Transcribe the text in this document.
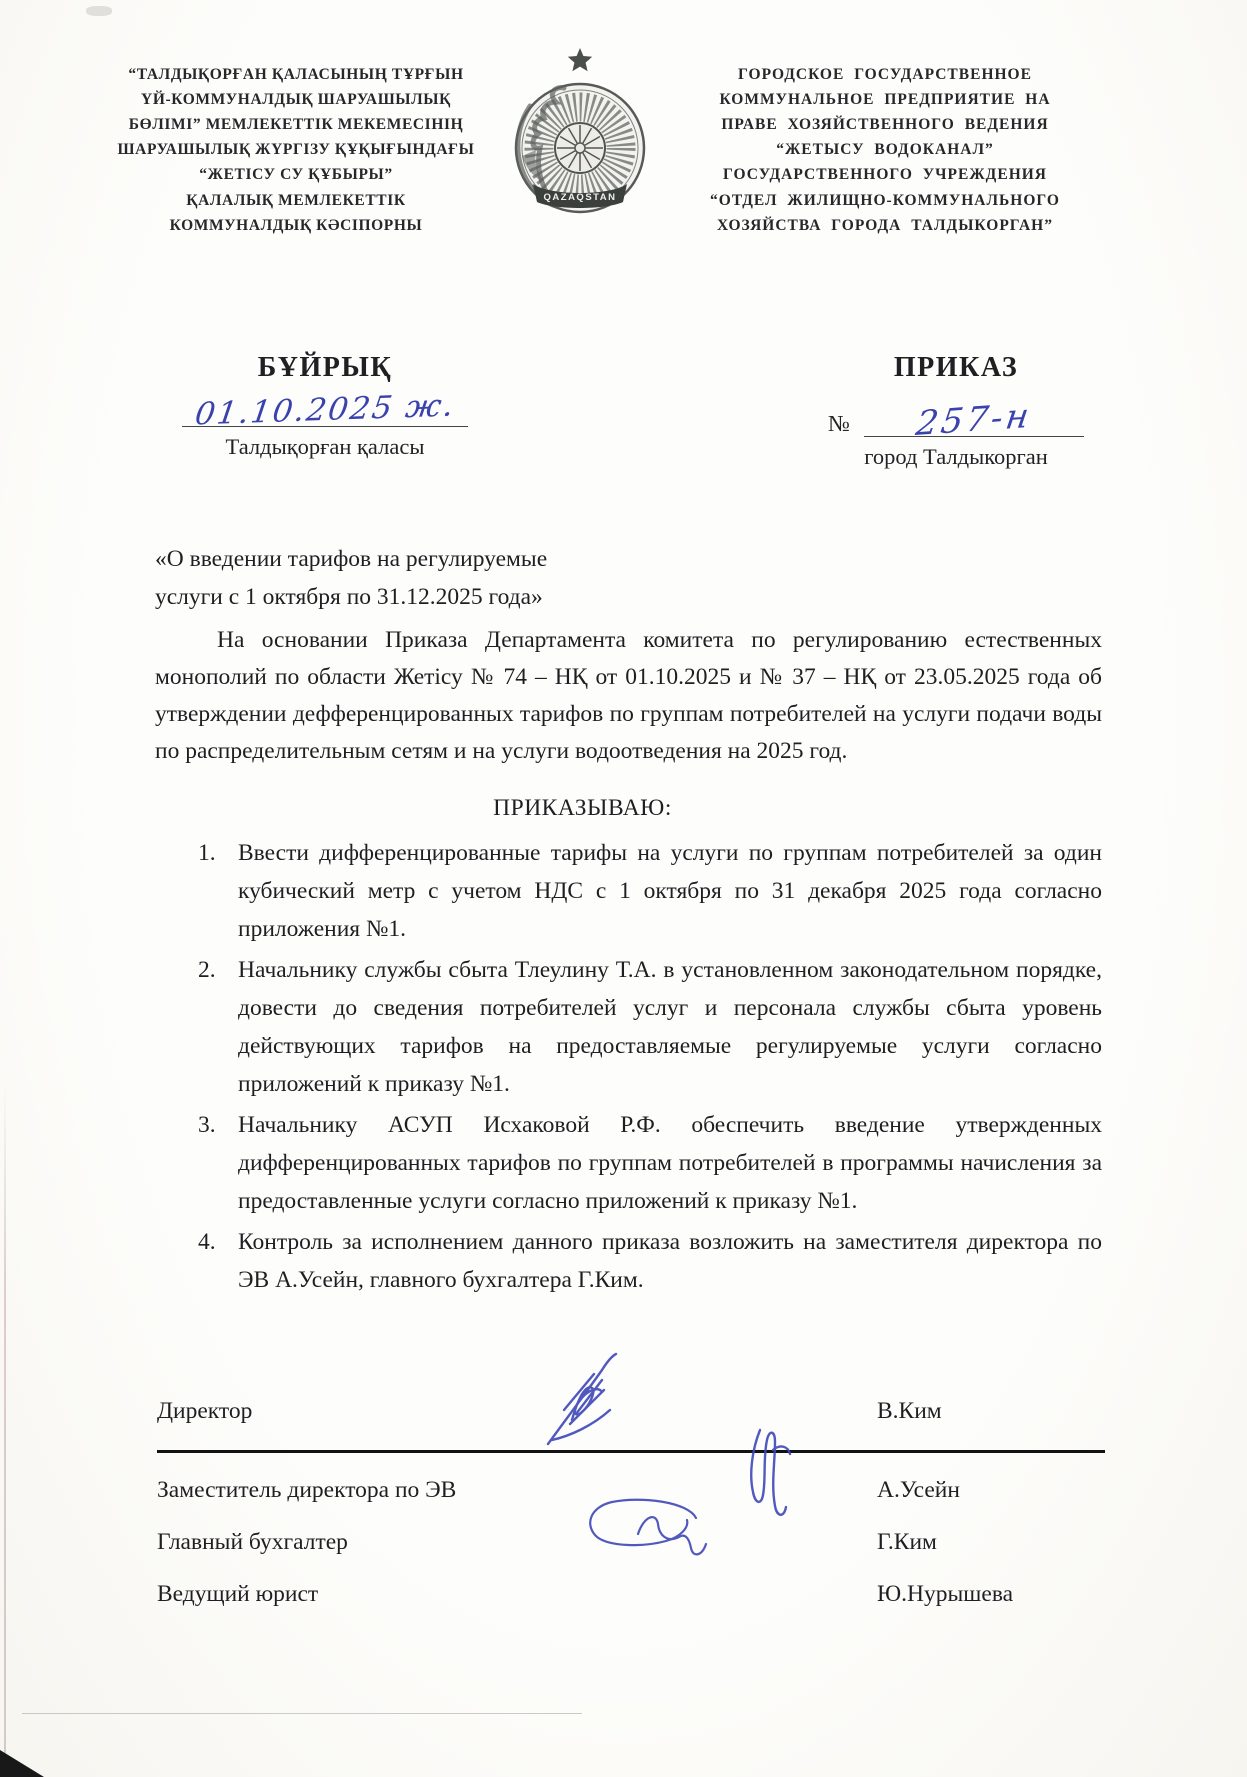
“ТАЛДЫҚОРҒАН ҚАЛАСЫНЫҢ ТҰРҒЫН
ҮЙ-КОММУНАЛДЫҚ ШАРУАШЫЛЫҚ
БӨЛІМІ” МЕМЛЕКЕТТІК МЕКЕМЕСІНІҢ
ШАРУАШЫЛЫҚ ЖҮРГІЗУ ҚҰҚЫҒЫНДАҒЫ
“ЖЕТІСУ СУ ҚҰБЫРЫ”
ҚАЛАЛЫҚ МЕМЛЕКЕТТІК
КОММУНАЛДЫҚ КӘСІПОРНЫ
QAZAQSTAN
ГОРОДСКОЕ ГОСУДАРСТВЕННОЕ
КОММУНАЛЬНОЕ ПРЕДПРИЯТИЕ НА
ПРАВЕ ХОЗЯЙСТВЕННОГО ВЕДЕНИЯ
“ЖЕТЫСУ ВОДОКАНАЛ”
ГОСУДАРСТВЕННОГО УЧРЕЖДЕНИЯ
“ОТДЕЛ ЖИЛИЩНО-КОММУНАЛЬНОГО
ХОЗЯЙСТВА ГОРОДА ТАЛДЫКОРГАН”
БҰЙРЫҚ
01.10.2025 ж.
Талдықорған қаласы
ПРИКАЗ
№	257-н
город Талдыкорган
«О введении тарифов на регулируемые
услуги с 1 октября по 31.12.2025 года»
На основании Приказа Департамента комитета по регулированию естественных монополий по области Жетісу № 74 – НҚ от 01.10.2025 и № 37 – НҚ от 23.05.2025 года об утверждении дефференцированных тарифов по группам потребителей на услуги подачи воды по распределительным сетям и на услуги водоотведения на 2025 год.
ПРИКАЗЫВАЮ:
1. Ввести дифференцированные тарифы на услуги по группам потребителей за один кубический метр с учетом НДС с 1 октября по 31 декабря 2025 года согласно приложения №1.
2. Начальнику службы сбыта Тлеулину Т.А. в установленном законодательном порядке, довести до сведения потребителей услуг и персонала службы сбыта уровень действующих тарифов на предоставляемые регулируемые услуги согласно приложений к приказу №1.
3. Начальнику АСУП Исхаковой Р.Ф. обеспечить введение утвержденных дифференцированных тарифов по группам потребителей в программы начисления за предоставленные услуги согласно приложений к приказу №1.
4. Контроль за исполнением данного приказа возложить на заместителя директора по ЭВ А.Усейн, главного бухгалтера Г.Ким.
Директор	В.Ким
Заместитель директора по ЭВ	А.Усейн
Главный бухгалтер	Г.Ким
Ведущий юрист	Ю.Нурышева
